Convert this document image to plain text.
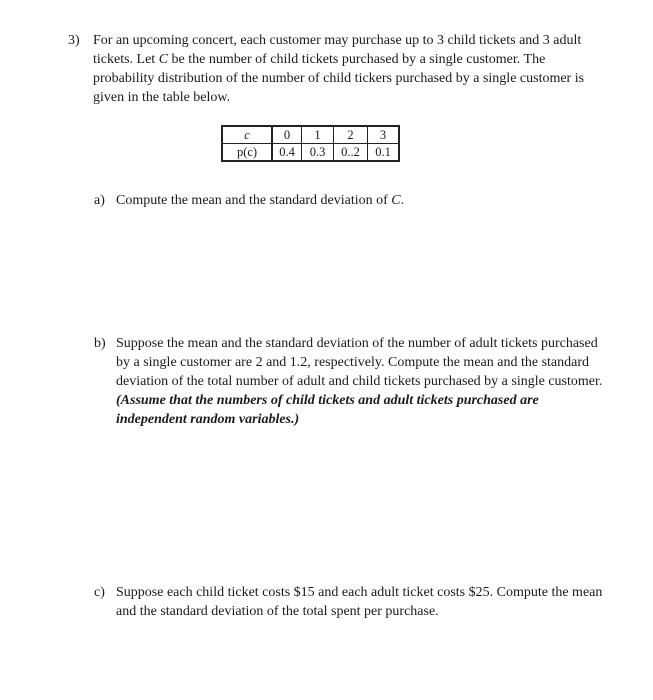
3) For an upcoming concert, each customer may purchase up to 3 child tickets and 3 adult tickets. Let C be the number of child tickets purchased by a single customer. The probability distribution of the number of child tickers purchased by a single customer is given in the table below.
c	0	1	2	3
p(c)	0.4	0.3	0..2	0.1
a) Compute the mean and the standard deviation of C.
b) Suppose the mean and the standard deviation of the number of adult tickets purchased by a single customer are 2 and 1.2, respectively. Compute the mean and the standard deviation of the total number of adult and child tickets purchased by a single customer. (Assume that the numbers of child tickets and adult tickets purchased are independent random variables.)
c) Suppose each child ticket costs $15 and each adult ticket costs $25. Compute the mean and the standard deviation of the total spent per purchase.
